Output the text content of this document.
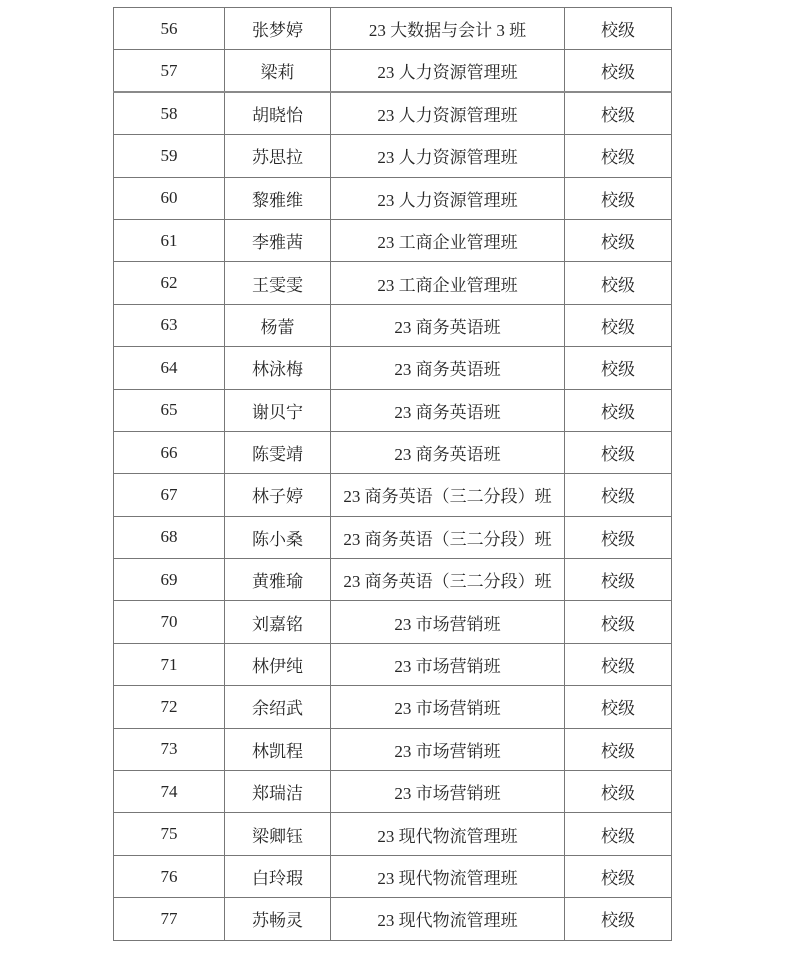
56	张梦婷	23 大数据与会计 3 班	校级
57	梁莉	23 人力资源管理班	校级
58	胡晓怡	23 人力资源管理班	校级
59	苏思拉	23 人力资源管理班	校级
60	黎雅维	23 人力资源管理班	校级
61	李雅茜	23 工商企业管理班	校级
62	王雯雯	23 工商企业管理班	校级
63	杨蕾	23 商务英语班	校级
64	林泳梅	23 商务英语班	校级
65	谢贝宁	23 商务英语班	校级
66	陈雯靖	23 商务英语班	校级
67	林子婷	23 商务英语（三二分段）班	校级
68	陈小桑	23 商务英语（三二分段）班	校级
69	黄雅瑜	23 商务英语（三二分段）班	校级
70	刘嘉铭	23 市场营销班	校级
71	林伊纯	23 市场营销班	校级
72	余绍武	23 市场营销班	校级
73	林凯程	23 市场营销班	校级
74	郑瑞洁	23 市场营销班	校级
75	梁卿钰	23 现代物流管理班	校级
76	白玲瑕	23 现代物流管理班	校级
77	苏畅灵	23 现代物流管理班	校级
